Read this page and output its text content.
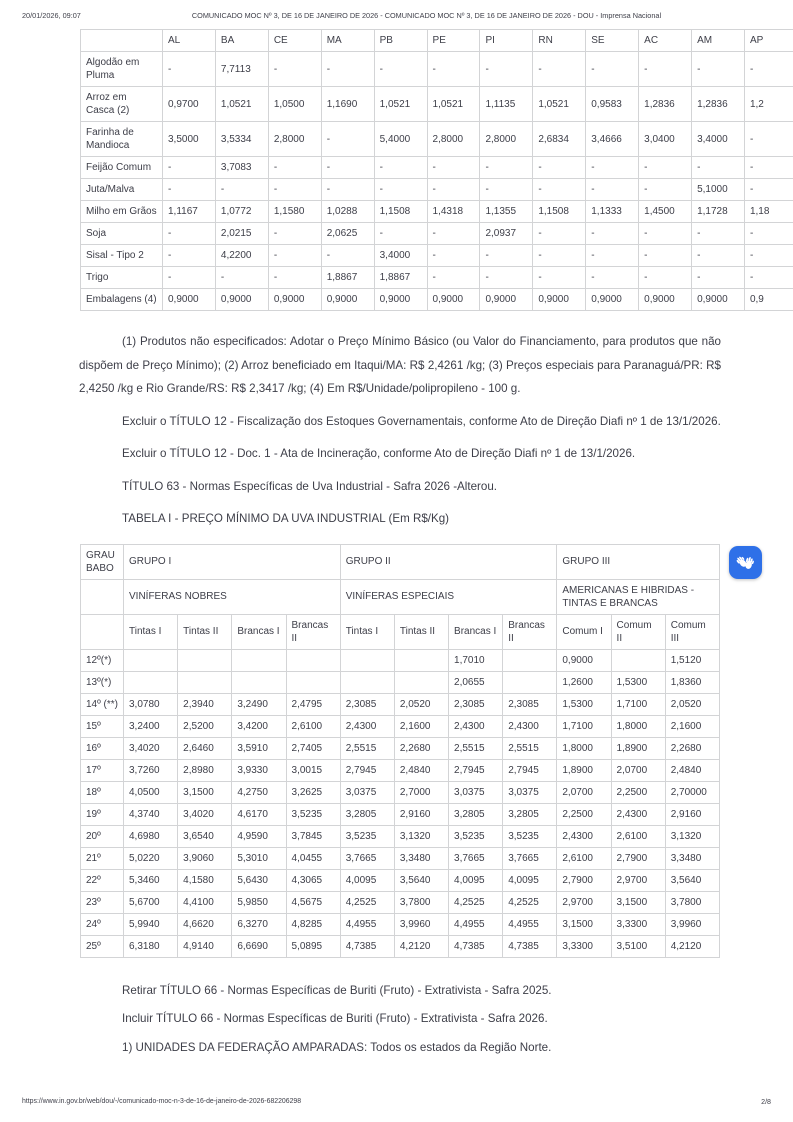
20/01/2026, 09:07	COMUNICADO MOC Nº 3, DE 16 DE JANEIRO DE 2026 - COMUNICADO MOC Nº 3, DE 16 DE JANEIRO DE 2026 - DOU - Imprensa Nacional
	AL	BA	CE	MA	PB	PE	PI	RN	SE	AC	AM	AP
Algodão em Pluma	-	7,7113	-	-	-	-	-	-	-	-	-	-
Arroz em Casca (2)	0,9700	1,0521	1,0500	1,1690	1,0521	1,0521	1,1135	1,0521	0,9583	1,2836	1,2836	1,2
Farinha de Mandioca	3,5000	3,5334	2,8000	-	5,4000	2,8000	2,8000	2,6834	3,4666	3,0400	3,4000	-
Feijão Comum	-	3,7083	-	-	-	-	-	-	-	-	-	-
Juta/Malva	-	-	-	-	-	-	-	-	-	-	5,1000	-
Milho em Grãos	1,1167	1,0772	1,1580	1,0288	1,1508	1,4318	1,1355	1,1508	1,1333	1,4500	1,1728	1,18
Soja	-	2,0215	-	2,0625	-	-	2,0937	-	-	-	-	-
Sisal - Tipo 2	-	4,2200	-	-	3,4000	-	-	-	-	-	-	-
Trigo	-	-	-	1,8867	1,8867	-	-	-	-	-	-	-
Embalagens (4)	0,9000	0,9000	0,9000	0,9000	0,9000	0,9000	0,9000	0,9000	0,9000	0,9000	0,9000	0,9

(1) Produtos não especificados: Adotar o Preço Mínimo Básico (ou Valor do Financiamento, para produtos que não dispõem de Preço Mínimo); (2) Arroz beneficiado em Itaqui/MA: R$ 2,4261 /kg; (3) Preços especiais para Paranaguá/PR: R$ 2,4250 /kg e Rio Grande/RS: R$ 2,3417 /kg; (4) Em R$/Unidade/polipropileno - 100 g.

Excluir o TÍTULO 12 - Fiscalização dos Estoques Governamentais, conforme Ato de Direção Diafi nº 1 de 13/1/2026.

Excluir o TÍTULO 12 - Doc. 1 - Ata de Incineração, conforme Ato de Direção Diafi nº 1 de 13/1/2026.

TÍTULO 63 - Normas Específicas de Uva Industrial - Safra 2026 -Alterou.

TABELA I - PREÇO MÍNIMO DA UVA INDUSTRIAL (Em R$/Kg)

GRAU BABO	GRUPO I				GRUPO II				GRUPO III		
	VINÍFERAS NOBRES				VINÍFERAS ESPECIAIS				AMERICANAS E HIBRIDAS - TINTAS E BRANCAS		
	Tintas I	Tintas II	Brancas I	Brancas II	Tintas I	Tintas II	Brancas I	Brancas II	Comum I	Comum II	Comum III
12º(*)							1,7010		0,9000		1,5120
13º(*)							2,0655		1,2600	1,5300	1,8360
14º (**)	3,0780	2,3940	3,2490	2,4795	2,3085	2,0520	2,3085	2,3085	1,5300	1,7100	2,0520
15º	3,2400	2,5200	3,4200	2,6100	2,4300	2,1600	2,4300	2,4300	1,7100	1,8000	2,1600
16º	3,4020	2,6460	3,5910	2,7405	2,5515	2,2680	2,5515	2,5515	1,8000	1,8900	2,2680
17º	3,7260	2,8980	3,9330	3,0015	2,7945	2,4840	2,7945	2,7945	1,8900	2,0700	2,4840
18º	4,0500	3,1500	4,2750	3,2625	3,0375	2,7000	3,0375	3,0375	2,0700	2,2500	2,70000
19º	4,3740	3,4020	4,6170	3,5235	3,2805	2,9160	3,2805	3,2805	2,2500	2,4300	2,9160
20º	4,6980	3,6540	4,9590	3,7845	3,5235	3,1320	3,5235	3,5235	2,4300	2,6100	3,1320
21º	5,0220	3,9060	5,3010	4,0455	3,7665	3,3480	3,7665	3,7665	2,6100	2,7900	3,3480
22º	5,3460	4,1580	5,6430	4,3065	4,0095	3,5640	4,0095	4,0095	2,7900	2,9700	3,5640
23º	5,6700	4,4100	5,9850	4,5675	4,2525	3,7800	4,2525	4,2525	2,9700	3,1500	3,7800
24º	5,9940	4,6620	6,3270	4,8285	4,4955	3,9960	4,4955	4,4955	3,1500	3,3300	3,9960
25º	6,3180	4,9140	6,6690	5,0895	4,7385	4,2120	4,7385	4,7385	3,3300	3,5100	4,2120

Retirar TÍTULO 66 - Normas Específicas de Buriti (Fruto) - Extrativista - Safra 2025.

Incluir TÍTULO 66 - Normas Específicas de Buriti (Fruto) - Extrativista - Safra 2026.

1) UNIDADES DA FEDERAÇÃO AMPARADAS: Todos os estados da Região Norte.

https://www.in.gov.br/web/dou/-/comunicado-moc-n-3-de-16-de-janeiro-de-2026-682206298	2/8
